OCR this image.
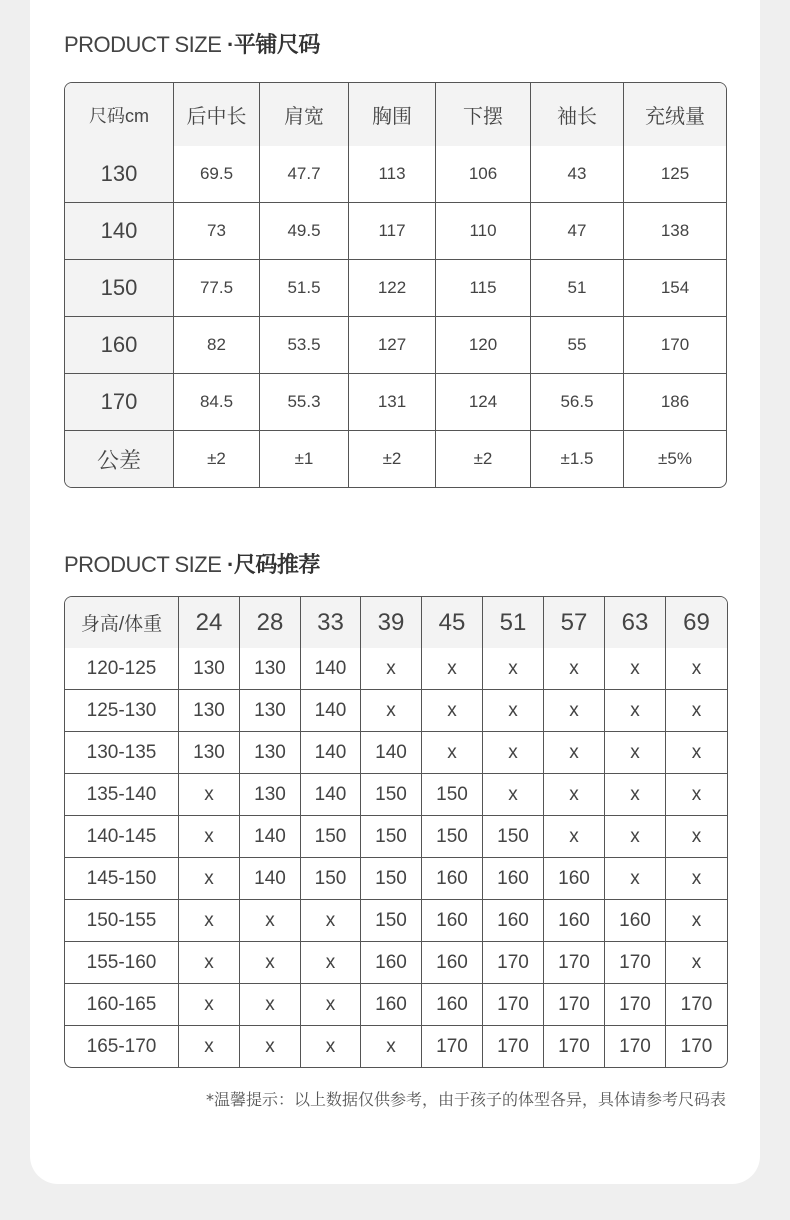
PRODUCT SIZE ·平铺尺码
尺码cm	后中长	肩宽	胸围	下摆	袖长	充绒量
130	69.5	47.7	113	106	43	125
140	73	49.5	117	110	47	138
150	77.5	51.5	122	115	51	154
160	82	53.5	127	120	55	170
170	84.5	55.3	131	124	56.5	186
公差	±2	±1	±2	±2	±1.5	±5%
PRODUCT SIZE ·尺码推荐
身高/体重	24	28	33	39	45	51	57	63	69
120-125	130	130	140	x	x	x	x	x	x
125-130	130	130	140	x	x	x	x	x	x
130-135	130	130	140	140	x	x	x	x	x
135-140	x	130	140	150	150	x	x	x	x
140-145	x	140	150	150	150	150	x	x	x
145-150	x	140	150	150	160	160	160	x	x
150-155	x	x	x	150	160	160	160	160	x
155-160	x	x	x	160	160	170	170	170	x
160-165	x	x	x	160	160	170	170	170	170
165-170	x	x	x	x	170	170	170	170	170
*温馨提示：以上数据仅供参考，由于孩子的体型各异，具体请参考尺码表
